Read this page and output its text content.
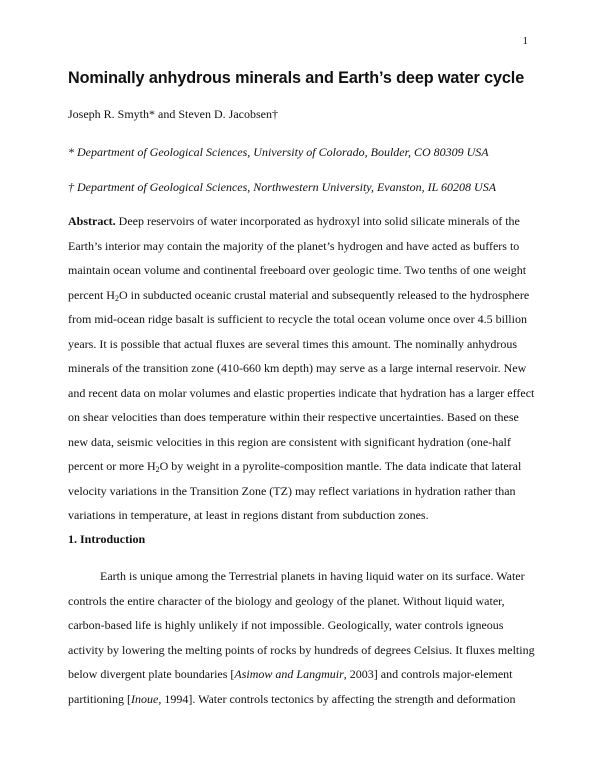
1
Nominally anhydrous minerals and Earth’s deep water cycle
Joseph R. Smyth* and Steven D. Jacobsen†
* Department of Geological Sciences, University of Colorado, Boulder, CO 80309 USA
† Department of Geological Sciences, Northwestern University, Evanston, IL 60208 USA
Abstract. Deep reservoirs of water incorporated as hydroxyl into solid silicate minerals of the
Earth’s interior may contain the majority of the planet’s hydrogen and have acted as buffers to
maintain ocean volume and continental freeboard over geologic time. Two tenths of one weight
percent $H_2O$ in subducted oceanic crustal material and subsequently released to the hydrosphere
from mid-ocean ridge basalt is sufficient to recycle the total ocean volume once over 4.5 billion
years. It is possible that actual fluxes are several times this amount. The nominally anhydrous
minerals of the transition zone (410-660 km depth) may serve as a large internal reservoir. New
and recent data on molar volumes and elastic properties indicate that hydration has a larger effect
on shear velocities than does temperature within their respective uncertainties. Based on these
new data, seismic velocities in this region are consistent with significant hydration (one-half
percent or more $H_2O$ by weight in a pyrolite-composition mantle. The data indicate that lateral
velocity variations in the Transition Zone (TZ) may reflect variations in hydration rather than
variations in temperature, at least in regions distant from subduction zones.
1. Introduction
Earth is unique among the Terrestrial planets in having liquid water on its surface. Water
controls the entire character of the biology and geology of the planet. Without liquid water,
carbon-based life is highly unlikely if not impossible. Geologically, water controls igneous
activity by lowering the melting points of rocks by hundreds of degrees Celsius. It fluxes melting
below divergent plate boundaries [Asimow and Langmuir, 2003] and controls major-element
partitioning [Inoue, 1994]. Water controls tectonics by affecting the strength and deformation
